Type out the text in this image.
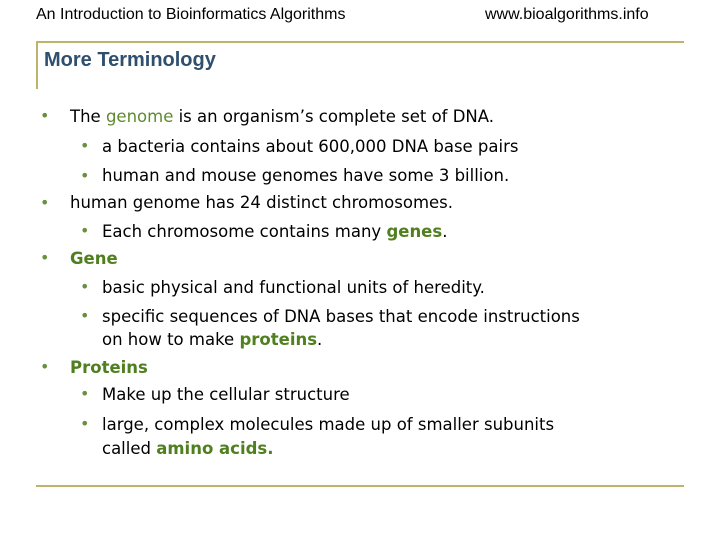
An Introduction to Bioinformatics Algorithms	www.bioalgorithms.info
More Terminology
• The genome is an organism’s complete set of DNA.
• a bacteria contains about 600,000 DNA base pairs
• human and mouse genomes have some 3 billion.
• human genome has 24 distinct chromosomes.
• Each chromosome contains many genes.
• Gene
• basic physical and functional units of heredity.
• specific sequences of DNA bases that encode instructions
on how to make proteins.
• Proteins
• Make up the cellular structure
• large, complex molecules made up of smaller subunits
called amino acids.
